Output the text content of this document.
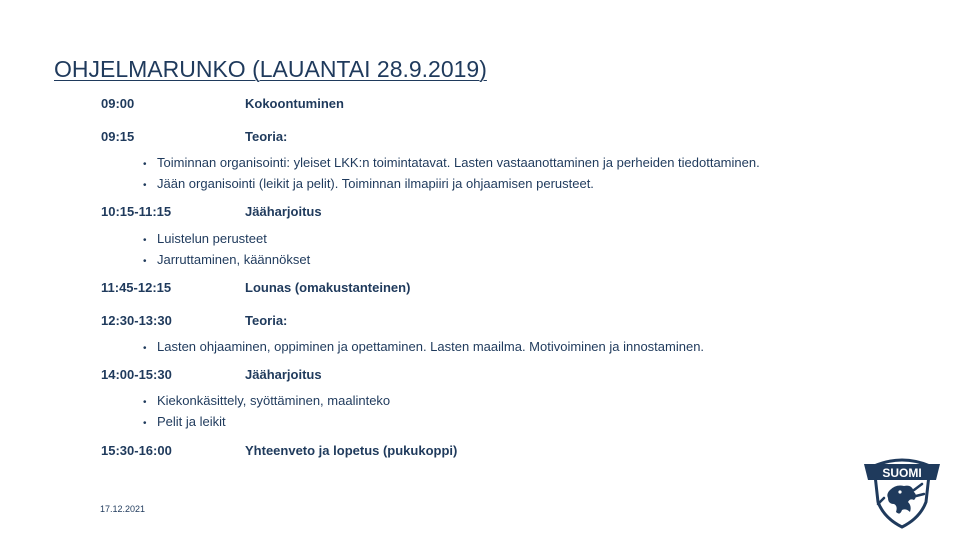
OHJELMARUNKO (LAUANTAI 28.9.2019)
09:00	Kokoontuminen
09:15	Teoria:
• Toiminnan organisointi: yleiset LKK:n toimintatavat. Lasten vastaanottaminen ja perheiden tiedottaminen.
• Jään organisointi (leikit ja pelit). Toiminnan ilmapiiri ja ohjaamisen perusteet.
10:15-11:15	Jääharjoitus
• Luistelun perusteet
• Jarruttaminen, käännökset
11:45-12:15	Lounas (omakustanteinen)
12:30-13:30	Teoria:
• Lasten ohjaaminen, oppiminen ja opettaminen. Lasten maailma. Motivoiminen ja innostaminen.
14:00-15:30	Jääharjoitus
• Kiekonkäsittely, syöttäminen, maalinteko
• Pelit ja leikit
15:30-16:00	Yhteenveto ja lopetus (pukukoppi)
17.12.2021
SUOMI
